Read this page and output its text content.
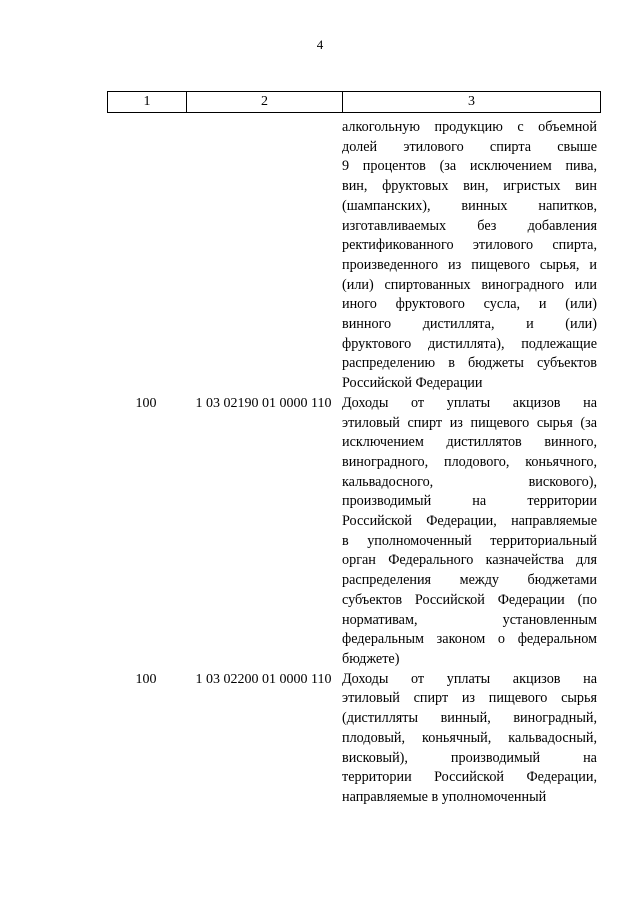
4
1	2	3
алкогольную продукцию с объемной
долей этилового спирта свыше
9 процентов (за исключением пива,
вин, фруктовых вин, игристых вин
(шампанских), винных напитков,
изготавливаемых без добавления
ректификованного этилового спирта,
произведенного из пищевого сырья, и
(или) спиртованных виноградного или
иного фруктового сусла, и (или)
винного дистиллята, и (или)
фруктового дистиллята), подлежащие
распределению в бюджеты субъектов
Российской Федерации
100	1 03 02190 01 0000 110 Доходы от уплаты акцизов на
этиловый спирт из пищевого сырья (за
исключением дистиллятов винного,
виноградного, плодового, коньячного,
кальвадосного, вискового),
производимый на территории
Российской Федерации, направляемые
в уполномоченный территориальный
орган Федерального казначейства для
распределения между бюджетами
субъектов Российской Федерации (по
нормативам, установленным
федеральным законом о федеральном
бюджете)
100	1 03 02200 01 0000 110 Доходы от уплаты акцизов на
этиловый спирт из пищевого сырья
(дистилляты винный, виноградный,
плодовый, коньячный, кальвадосный,
висковый), производимый на
территории Российской Федерации,
направляемые в уполномоченный
